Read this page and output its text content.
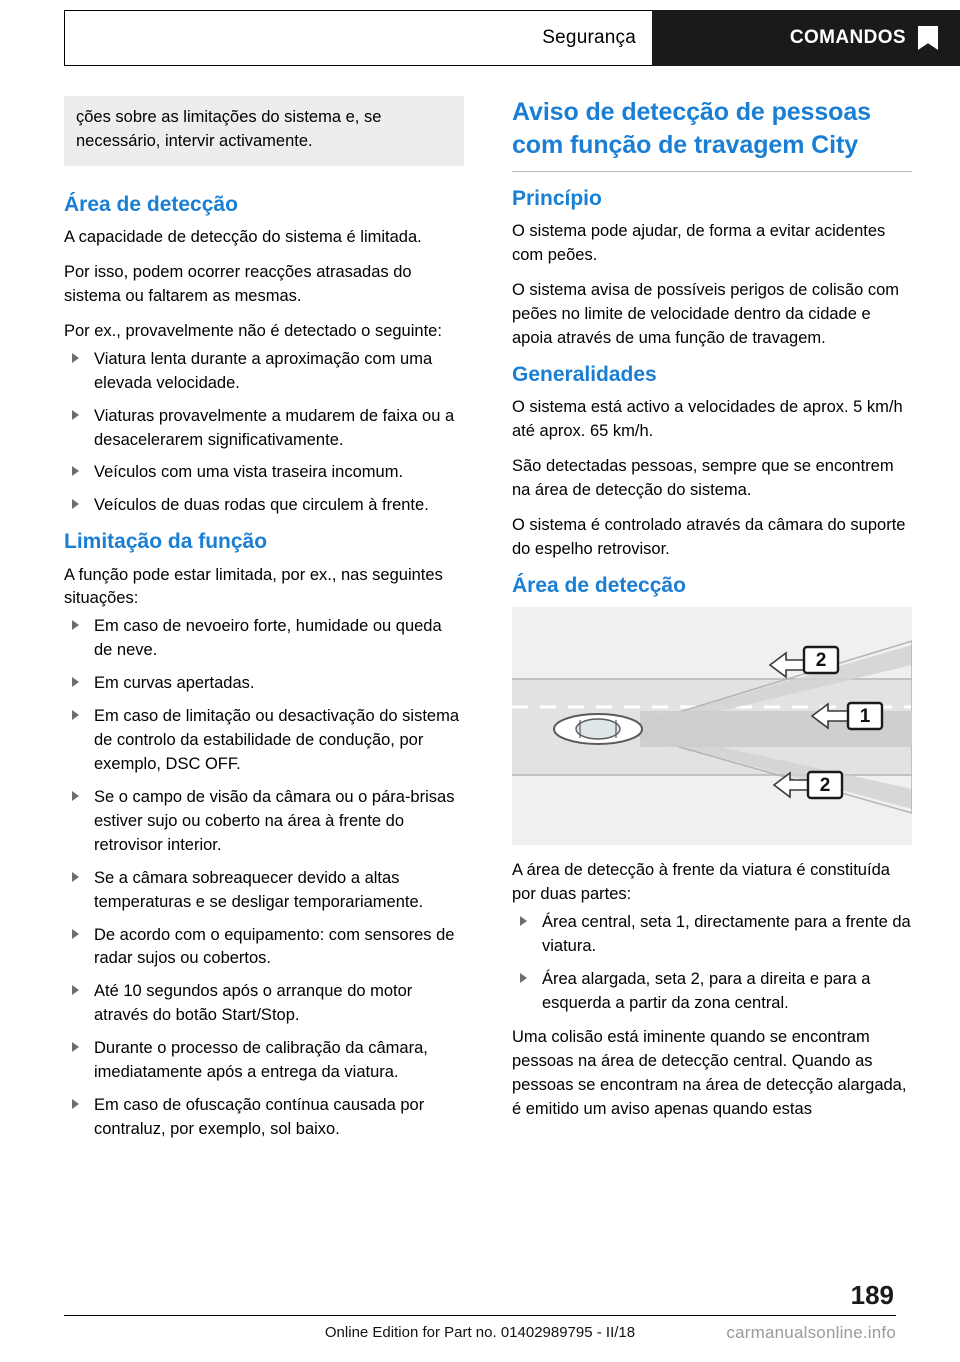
Segurança	COMANDOS
ções sobre as limitações do sistema e, se necessário, intervir activamente.
Área de detecção

A capacidade de detecção do sistema é limitada.

Por isso, podem ocorrer reacções atrasadas do sistema ou faltarem as mesmas.

Por ex., provavelmente não é detectado o seguinte:

Viatura lenta durante a aproximação com uma elevada velocidade.
Viaturas provavelmente a mudarem de faixa ou a desacelerarem significativamente.
Veículos com uma vista traseira incomum.
Veículos de duas rodas que circulem à frente.
Limitação da função

A função pode estar limitada, por ex., nas seguintes situações:

Em caso de nevoeiro forte, humidade ou queda de neve.
Em curvas apertadas.
Em caso de limitação ou desactivação do sistema de controlo da estabilidade de condução, por exemplo, DSC OFF.
Se o campo de visão da câmara ou o pára-brisas estiver sujo ou coberto na área à frente do retrovisor interior.
Se a câmara sobreaquecer devido a altas temperaturas e se desligar temporariamente.
De acordo com o equipamento: com sensores de radar sujos ou cobertos.
Até 10 segundos após o arranque do motor através do botão Start/Stop.
Durante o processo de calibração da câmara, imediatamente após a entrega da viatura.
Em caso de ofuscação contínua causada por contraluz, por exemplo, sol baixo.
Aviso de detecção de pessoas com função de travagem City
Princípio

O sistema pode ajudar, de forma a evitar acidentes com peões.

O sistema avisa de possíveis perigos de colisão com peões no limite de velocidade dentro da cidade e apoia através de uma função de travagem.

Generalidades

O sistema está activo a velocidades de aprox. 5 km/h até aprox. 65 km/h.

São detectadas pessoas, sempre que se encontrem na área de detecção do sistema.

O sistema é controlado através da câmara do suporte do espelho retrovisor.

Área de detecção
2
1
2

A área de detecção à frente da viatura é constituída por duas partes:

Área central, seta 1, directamente para a frente da viatura.
Área alargada, seta 2, para a direita e para a esquerda a partir da zona central.

Uma colisão está iminente quando se encontram pessoas na área de detecção central. Quando as pessoas se encontram na área de detecção alargada, é emitido um aviso apenas quando estas

189
Online Edition for Part no. 01402989795 - II/18	carmanualsonline.info
